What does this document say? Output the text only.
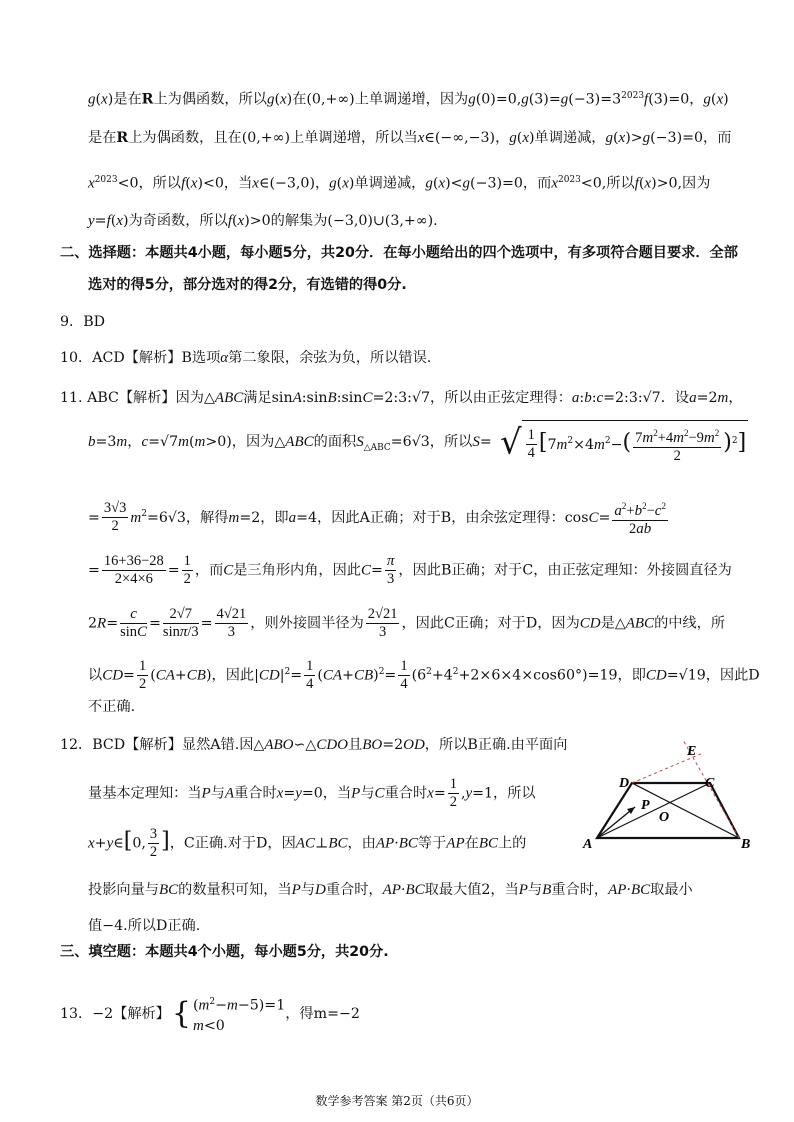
g(x)是在R上为偶函数，所以g(x)在(0,+∞)上单调递增，因为$g(0)=0,g(3)=g(-3)=3^{2023}f(3)=0$，g(x)
是在R上为偶函数，且在(0,+∞)上单调递增，所以当x∈(−∞,−3)，g(x)单调递减，g(x)>g(−3)=0，而
$x^{2023}<0$，所以f(x)<0，当x∈(−3,0)，g(x)单调递减，g(x)<g(−3)=0，而$x^{2023}<0$,所以f(x)>0,因为
y=f(x)为奇函数，所以f(x)>0的解集为(−3,0)∪(3,+∞).
二、选择题：本题共4小题，每小题5分，共20分．在每小题给出的四个选项中，有多项符合题目要求．全部
选对的得5分，部分选对的得2分，有选错的得0分.
9．BD
10．ACD【解析】B选项α第二象限，余弦为负，所以错误.
11. ABC【解析】因为△ABC满足sinA:sinB:sinC=2:3:√7，所以由正弦定理得：a:b:c=2:3:√7．设a=2m，
b=3m，c=√7m(m>0)，因为△ABC的面积$S_{\triangle ABC}=6√3$，所以S= √ $\frac{1}{4} [7m^2\times 4m^2-( \frac{7m^2+4m^2-9m^2}{2} )^2]$
= $\frac{3√3}{2} m^2=6√3$，解得m=2，即a=4，因此A正确；对于B，由余弦定理得：$\cos C= \frac{a^2+b^2-c^2}{2ab}$
= $\frac{16+36-28}{2\times 4\times 6} = \frac{1}{2}$ ，而C是三角形内角，因此$C= \frac{\pi}{3}$ ，因此B正确；对于C，由正弦定理知：外接圆直径为
$2R= \frac{c}{\sin C} = \frac{2√7}{\sin\pi/3} = \frac{4√21}{3}$ ，则外接圆半径为 $\frac{2√21}{3}$ ，因此C正确；对于D，因为CD是△ABC的中线，所
以$CD= \frac{1}{2} (CA+CB)$，因此$|CD|^2= \frac{1}{4} (CA+CB)^2= \frac{1}{4} (6^2+4^2+2\times 6\times 4\times\cos 60^\circ)=19$，即CD=√19，因此D
不正确.
12．BCD【解析】显然A错.因△ABO∽△CDO且BO=2OD，所以B正确.由平面向
量基本定理知：当P与A重合时x=y=0，当P与C重合时$x= \frac{1}{2} ,y=1$，所以
x+y∈[0, $\frac{3}{2}$ ]，C正确.对于D，因AC⊥BC，由AP·BC等于AP在BC上的
投影向量与BC的数量积可知，当P与D重合时，AP·BC取最大值2，当P与B重合时，AP·BC取最小
值−4.所以D正确.
E
D	C
P
O
A	B
三、填空题：本题共4个小题，每小题5分，共20分.
13．−2【解析】 { $(m^2-m-5)=1$
m<0
，得m=−2
数学参考答案 第2页（共6页）
